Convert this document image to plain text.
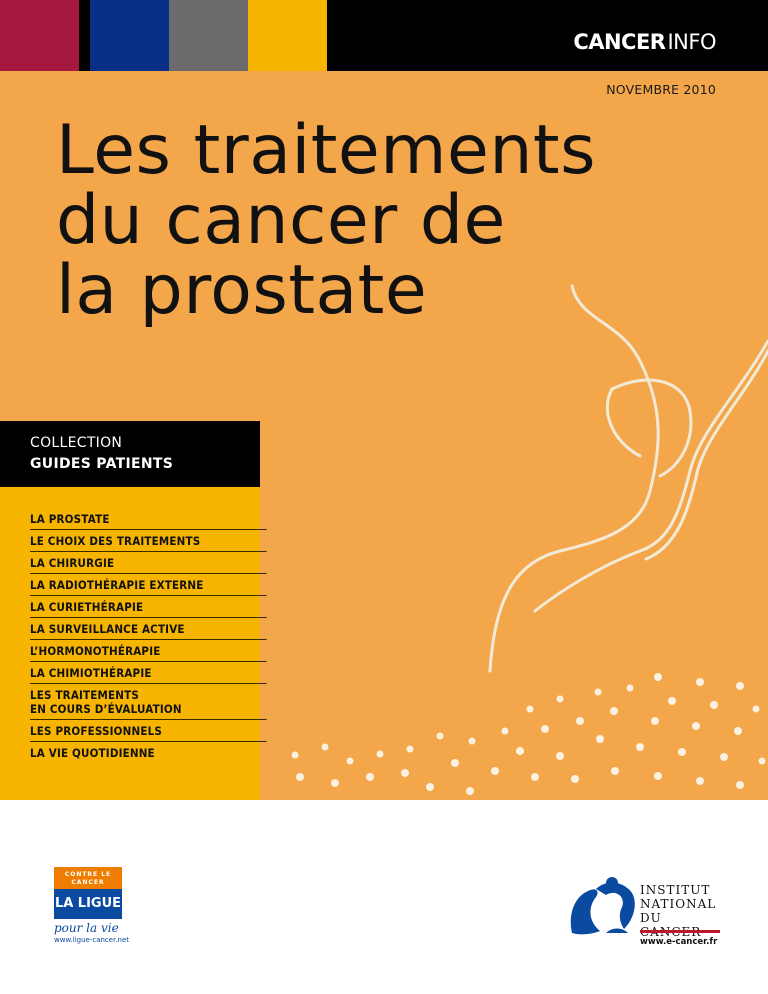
CANCERINFO
NOVEMBRE 2010
Les traitements
du cancer de
la prostate
COLLECTION
GUIDES PATIENTS
LA PROSTATE
LE CHOIX DES TRAITEMENTS
LA CHIRURGIE
LA RADIOTHÉRAPIE EXTERNE
LA CURIETHÉRAPIE
LA SURVEILLANCE ACTIVE
L’HORMONOTHÉRAPIE
LA CHIMIOTHÉRAPIE
LES TRAITEMENTS
EN COURS D’ÉVALUATION
LES PROFESSIONNELS
LA VIE QUOTIDIENNE
CONTRE LE CANCER
LA LIGUE
pour la vie
www.ligue-cancer.net
INSTITUT
NATIONAL
DU
www.e-cancer.fr
